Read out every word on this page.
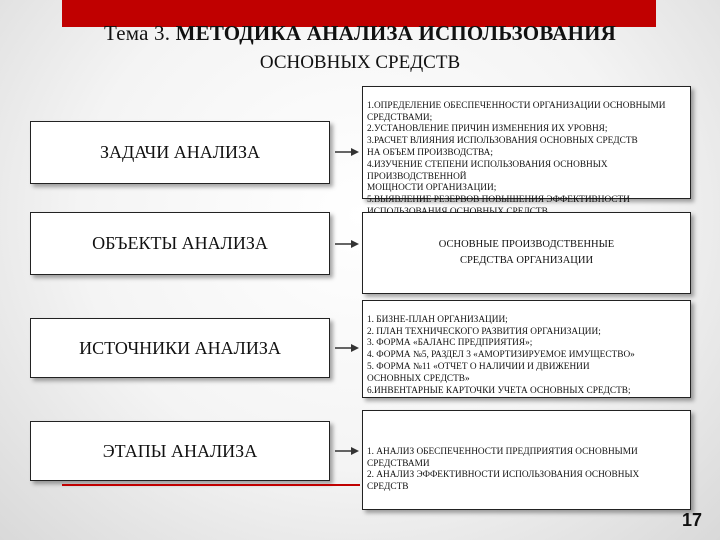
Тема 3. МЕТОДИКА АНАЛИЗА ИСПОЛЬЗОВАНИЯ
ОСНОВНЫХ СРЕДСТВ
ЗАДАЧИ АНАЛИЗА

1.ОПРЕДЕЛЕНИЕ ОБЕСПЕЧЕННОСТИ ОРГАНИЗАЦИИ ОСНОВНЫМИ
СРЕДСТВАМИ;
2.УСТАНОВЛЕНИЕ ПРИЧИН ИЗМЕНЕНИЯ ИХ УРОВНЯ;
3.РАСЧЕТ ВЛИЯНИЯ ИСПОЛЬЗОВАНИЯ ОСНОВНЫХ СРЕДСТВ
НА ОБЪЕМ ПРОИЗВОДСТВА;
4.ИЗУЧЕНИЕ СТЕПЕНИ ИСПОЛЬЗОВАНИЯ ОСНОВНЫХ ПРОИЗВОДСТВЕННОЙ
МОЩНОСТИ ОРГАНИЗАЦИИ;
5.ВЫЯВЛЕНИЕ РЕЗЕРВОВ ПОВЫШЕНИЯ ЭФФЕКТИВНОСТИ

ОБЪЕКТЫ АНАЛИЗА	ОСНОВНЫЕ ПРОИЗВОДСТВЕННЫЕ
СРЕДСТВА ОРГАНИЗАЦИИ
ИСТОЧНИКИ АНАЛИЗА

1. БИЗНЕ-ПЛАН ОРГАНИЗАЦИИ;
2. ПЛАН ТЕХНИЧЕСКОГО РАЗВИТИЯ ОРГАНИЗАЦИИ;
3. ФОРМА «БАЛАНС ПРЕДПРИЯТИЯ»;
4. ФОРМА №5, РАЗДЕЛ 3 «АМОРТИЗИРУЕМОЕ ИМУЩЕСТВО»
5. ФОРМА №11 «ОТЧЕТ О НАЛИЧИИ И ДВИЖЕНИИ
ОСНОВНЫХ СРЕДСТВ»
6.ИНВЕНТАРНЫЕ КАРТОЧКИ УЧЕТА ОСНОВНЫХ СРЕДСТВ;

ЭТАПЫ АНАЛИЗА	1. АНАЛИЗ ОБЕСПЕЧЕННОСТИ ПРЕДПРИЯТИЯ ОСНОВНЫМИ
СРЕДСТВАМИ
2. АНАЛИЗ ЭФФЕКТИВНОСТИ ИСПОЛЬЗОВАНИЯ ОСНОВНЫХ
СРЕДСТВ

17
